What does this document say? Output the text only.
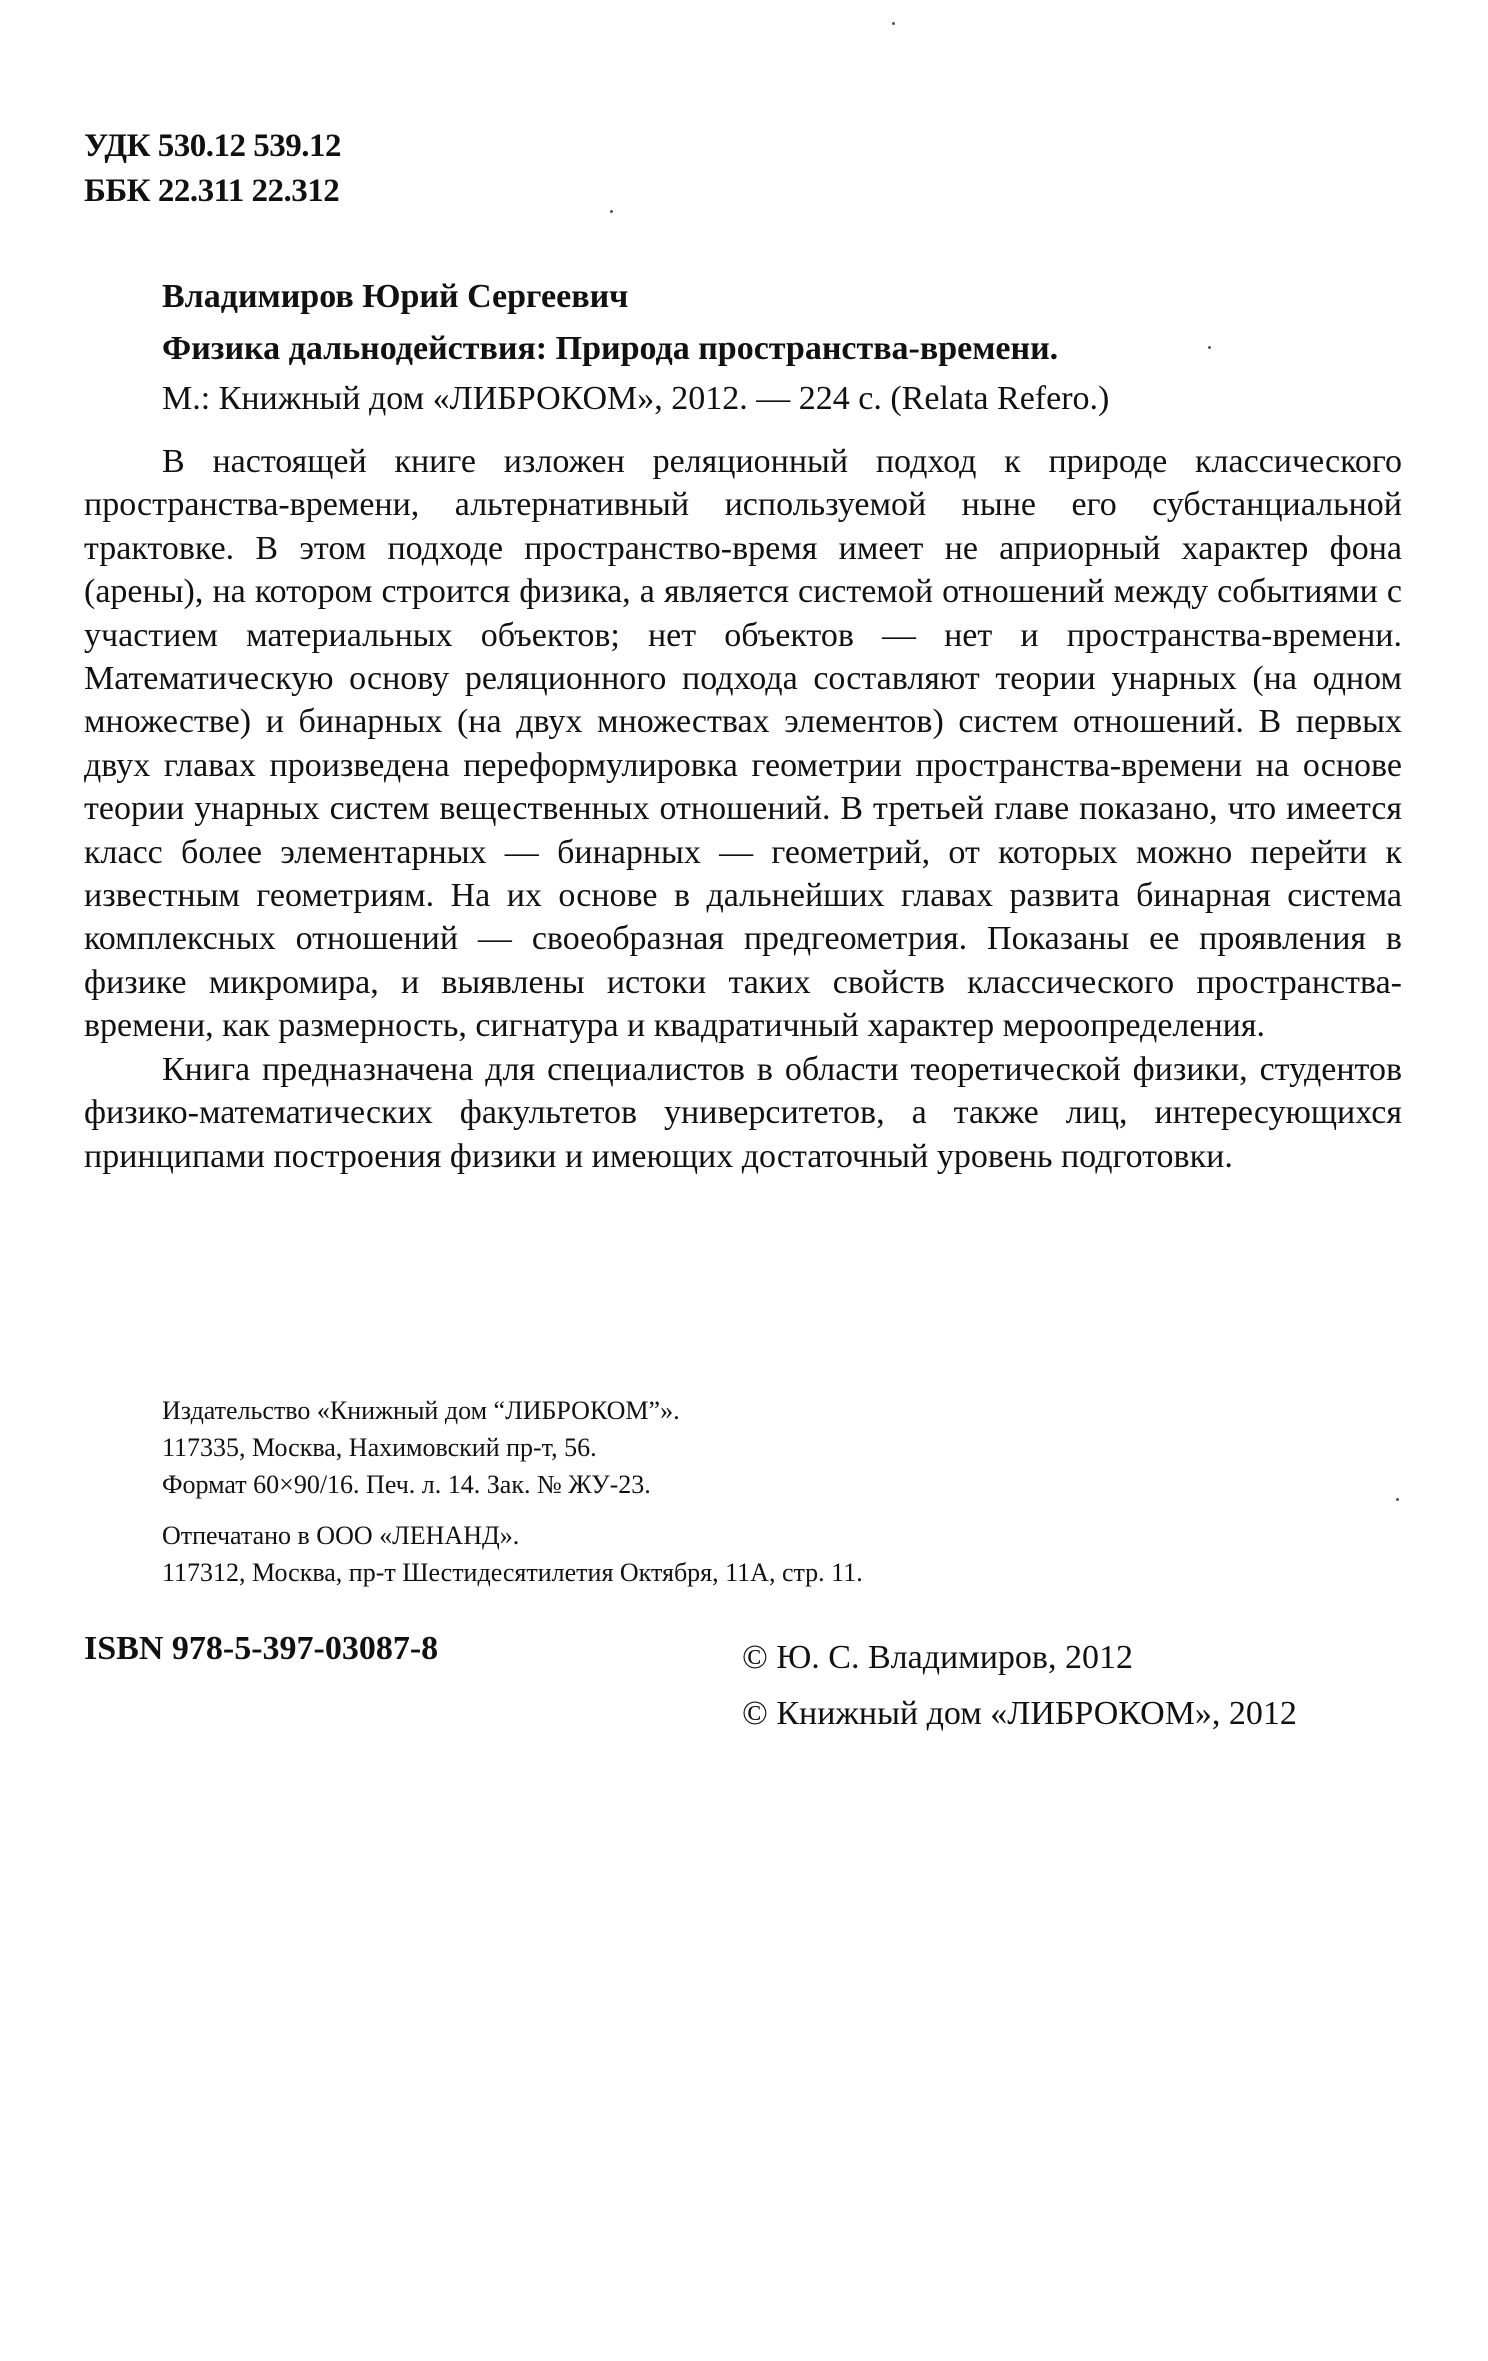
УДК 530.12 539.12
ББК 22.311 22.312
Владимиров Юрий Сергеевич
Физика дальнодействия: Природа пространства-времени.
М.: Книжный дом «ЛИБРОКОМ», 2012. — 224 с. (Relata Refero.)

В настоящей книге изложен реляционный подход к природе классического пространства-времени, альтернативный используемой ныне его субстанциальной трактовке. В этом подходе пространство-время имеет не априорный характер фона (арены), на котором строится физика, а является системой отношений между событиями с участием материальных объектов; нет объектов — нет и пространства-времени. Математическую основу реляционного подхода составляют теории унарных (на одном множестве) и бинарных (на двух множествах элементов) систем отношений. В первых двух главах произведена переформулировка геометрии пространства-времени на основе теории унарных систем вещественных отношений. В третьей главе показано, что имеется класс более элементарных — бинарных — геометрий, от которых можно перейти к известным геометриям. На их основе в дальнейших главах развита бинарная система комплексных отношений — своеобразная предгеометрия. Показаны ее проявления в физике микромира, и выявлены истоки таких свойств классического пространства-времени, как размерность, сигнатура и квадратичный характер мероопределения.

Книга предназначена для специалистов в области теоретической физики, студентов физико-математических факультетов университетов, а также лиц, интересующихся принципами построения физики и имеющих достаточный уровень подготовки.

Издательство «Книжный дом “ЛИБРОКОМ”».
117335, Москва, Нахимовский пр-т, 56.
Формат 60×90/16. Печ. л. 14. Зак. № ЖУ-23.
Отпечатано в ООО «ЛЕНАНД».
117312, Москва, пр-т Шестидесятилетия Октября, 11А, стр. 11.
ISBN 978-5-397-03087-8	© Ю. С. Владимиров, 2012
© Книжный дом «ЛИБРОКОМ», 2012
